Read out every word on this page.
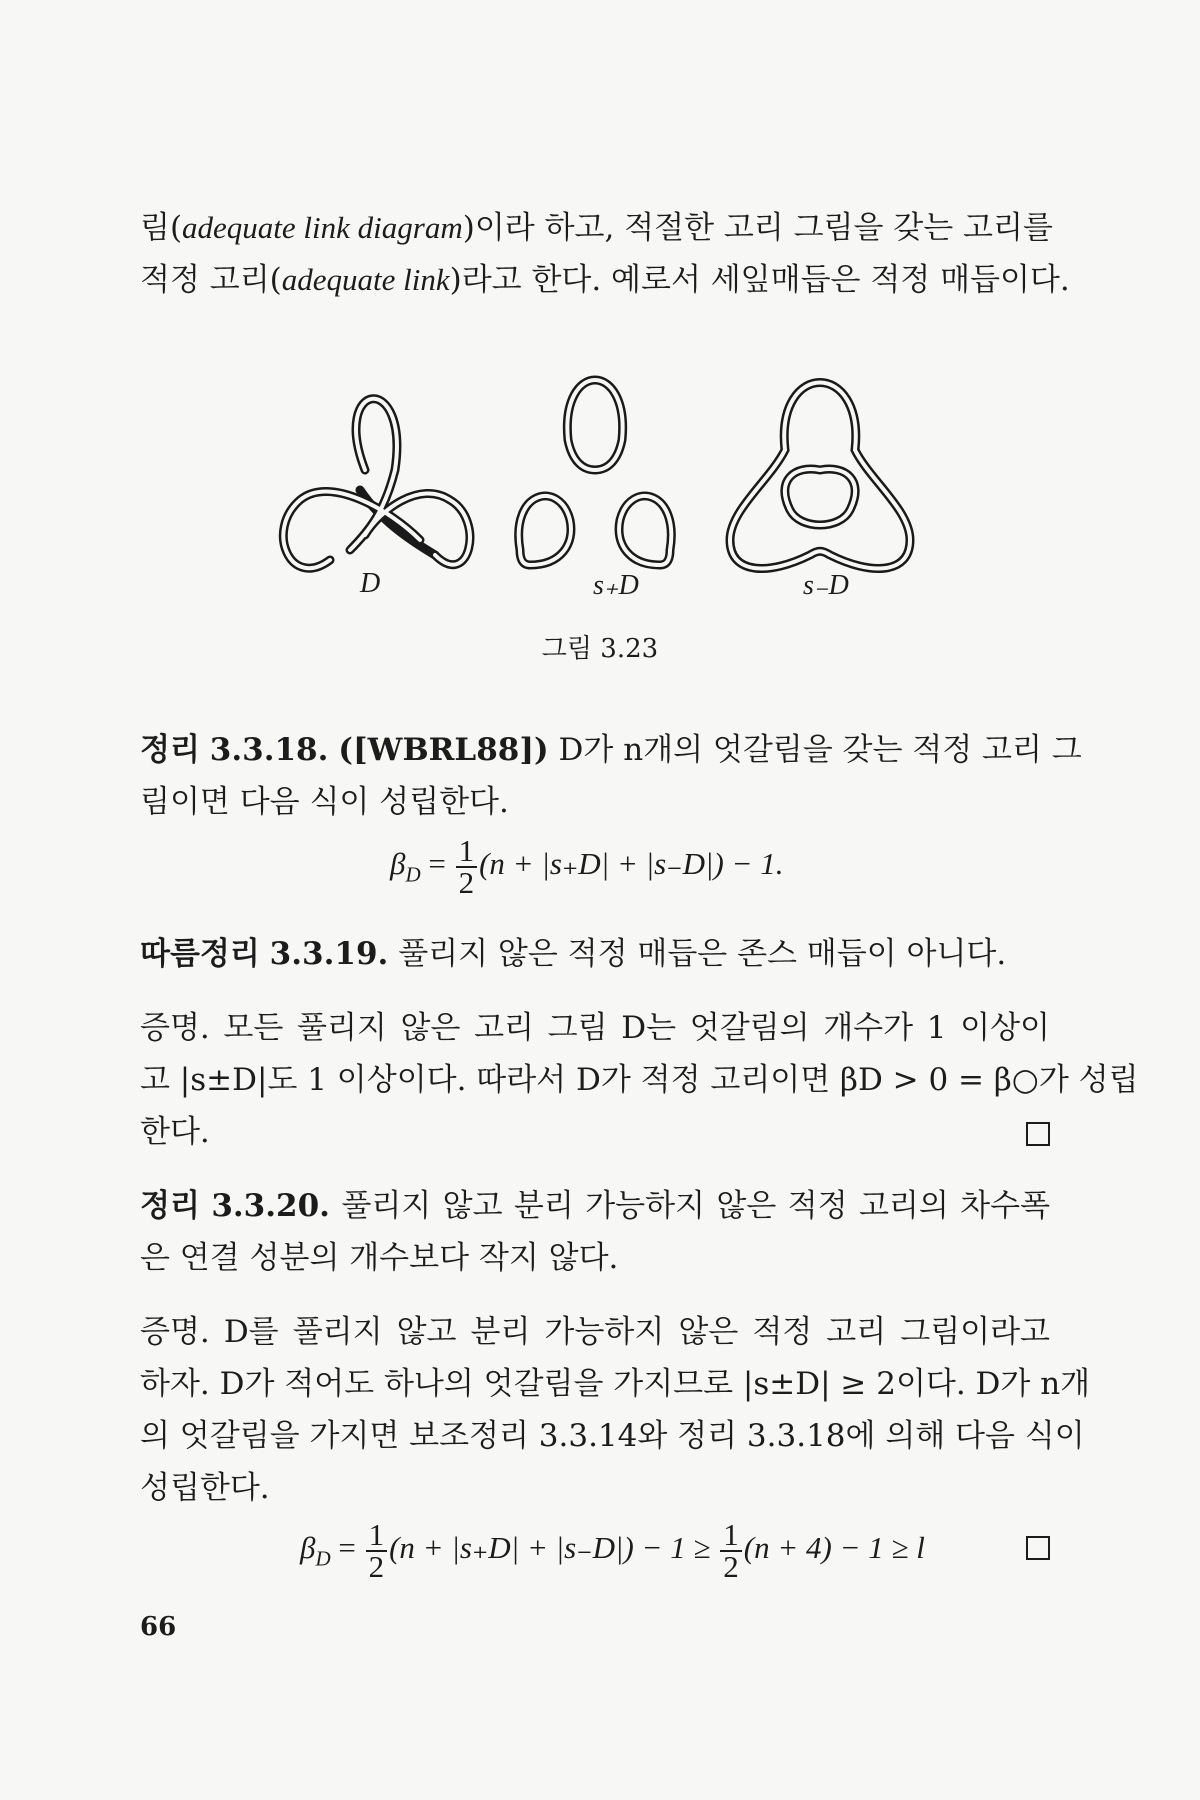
림(adequate link diagram)이라 하고, 적절한 고리 그림을 갖는 고리를
적정 고리(adequate link)라고 한다. 예로서 세잎매듭은 적정 매듭이다.
D	s₊D	s₋D
그림 3.23
정리 3.3.18. ([WBRL88]) D가 n개의 엇갈림을 갖는 적정 고리 그
림이면 다음 식이 성립한다.
$\beta_D = \frac{1}{2} (n + |s_+D| + |s_-D|) - 1$.
따름정리 3.3.19. 풀리지 않은 적정 매듭은 존스 매듭이 아니다.
증명. 모든 풀리지 않은 고리 그림 D는 엇갈림의 개수가 1 이상이
고 |s±D|도 1 이상이다. 따라서 D가 적정 고리이면 βD > 0 = β○가 성립
한다.
정리 3.3.20. 풀리지 않고 분리 가능하지 않은 적정 고리의 차수폭
은 연결 성분의 개수보다 작지 않다.
증명. D를 풀리지 않고 분리 가능하지 않은 적정 고리 그림이라고
하자. D가 적어도 하나의 엇갈림을 가지므로 |s±D| ≥ 2이다. D가 n개
의 엇갈림을 가지면 보조정리 3.3.14와 정리 3.3.18에 의해 다음 식이
성립한다.
$\beta_D = \frac{1}{2} (n + |s_+D| + |s_-D|) - 1 \ge \frac{1}{2} (n + 4) - 1 \ge l$
66
